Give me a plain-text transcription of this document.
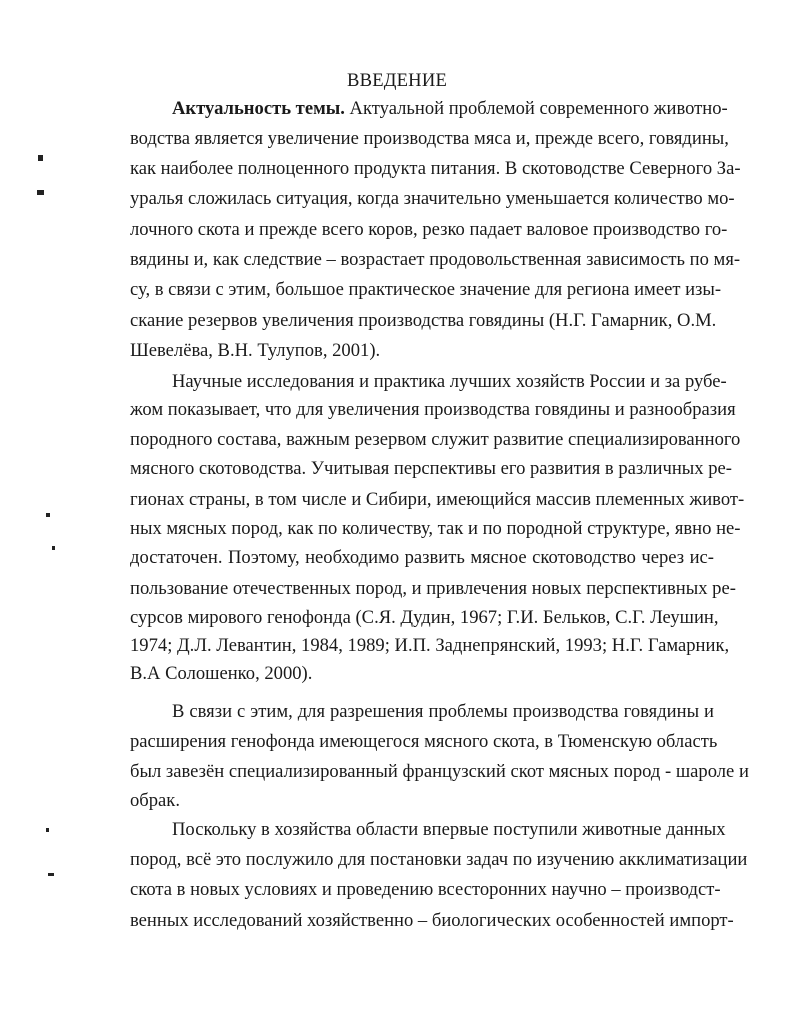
ВВЕДЕНИЕ
Актуальность темы. Актуальной проблемой современного животно-
водства является увеличение производства мяса и, прежде всего, говядины,
как наиболее полноценного продукта питания. В скотоводстве Северного За-
уралья сложилась ситуация, когда значительно уменьшается количество мо-
лочного скота и прежде всего коров, резко падает валовое производство го-
вядины и, как следствие – возрастает продовольственная зависимость по мя-
су, в связи с этим, большое практическое значение для региона имеет изы-
скание резервов увеличения производства говядины (Н.Г. Гамарник, О.М.
Шевелёва, В.Н. Тулупов, 2001).
Научные исследования и практика лучших хозяйств России и за рубе-
жом показывает, что для увеличения производства говядины и разнообразия
породного состава, важным резервом служит развитие специализированного
мясного скотоводства. Учитывая перспективы его развития в различных ре-
гионах страны, в том числе и Сибири, имеющийся массив племенных живот-
ных мясных пород, как по количеству, так и по породной структуре, явно не-
достаточен. Поэтому, необходимо развить мясное скотоводство через ис-
пользование отечественных пород, и привлечения новых перспективных ре-
сурсов мирового генофонда (С.Я. Дудин, 1967; Г.И. Бельков, С.Г. Леушин,
1974; Д.Л. Левантин, 1984, 1989; И.П. Заднепрянский, 1993; Н.Г. Гамарник,
В.А Солошенко, 2000).
В связи с этим, для разрешения проблемы производства говядины и
расширения генофонда имеющегося мясного скота, в Тюменскую область
был завезён специализированный французский скот мясных пород - шароле и
обрак.
Поскольку в хозяйства области впервые поступили животные данных
пород, всё это послужило для постановки задач по изучению акклиматизации
скота в новых условиях и проведению всесторонних научно – производст-
венных исследований хозяйственно – биологических особенностей импорт-
